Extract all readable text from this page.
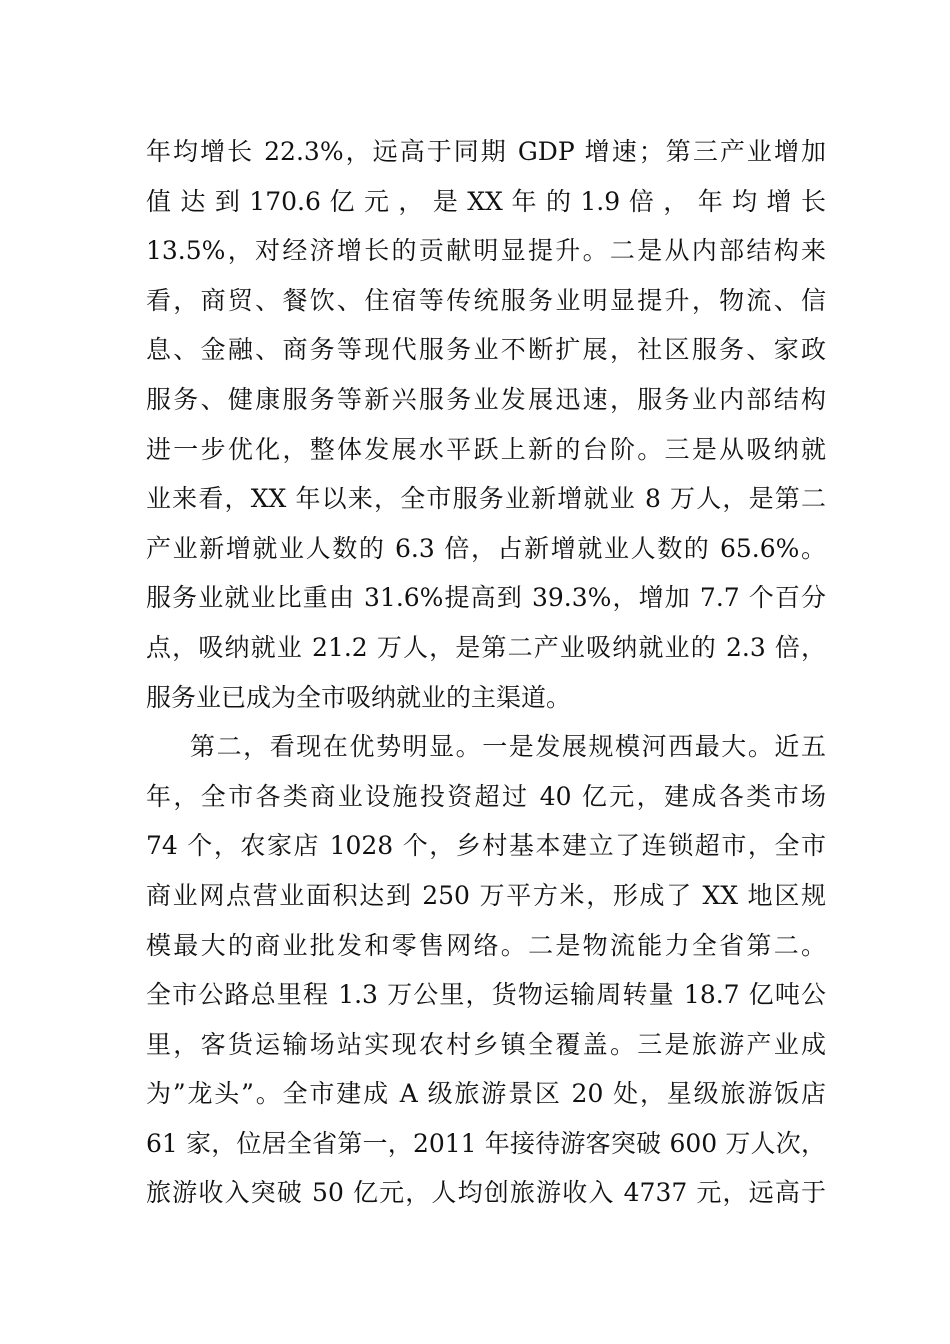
年均增长 22.3%，远高于同期 GDP 增速；第三产业增加
值 达 到 170.6 亿 元 ， 是 XX 年 的 1.9 倍 ， 年 均 增 长
13.5%，对经济增长的贡献明显提升。二是从内部结构来
看，商贸、餐饮、住宿等传统服务业明显提升，物流、信
息、金融、商务等现代服务业不断扩展，社区服务、家政
服务、健康服务等新兴服务业发展迅速，服务业内部结构
进一步优化，整体发展水平跃上新的台阶。三是从吸纳就
业来看，XX 年以来，全市服务业新增就业 8 万人，是第二
产业新增就业人数的 6.3 倍，占新增就业人数的 65.6%。
服务业就业比重由 31.6%提高到 39.3%，增加 7.7 个百分
点，吸纳就业 21.2 万人，是第二产业吸纳就业的 2.3 倍，
服务业已成为全市吸纳就业的主渠道。
第二，看现在优势明显。一是发展规模河西最大。近五
年，全市各类商业设施投资超过 40 亿元，建成各类市场
74 个，农家店 1028 个，乡村基本建立了连锁超市，全市
商业网点营业面积达到 250 万平方米，形成了 XX 地区规
模最大的商业批发和零售网络。二是物流能力全省第二。
全市公路总里程 1.3 万公里，货物运输周转量 18.7 亿吨公
里，客货运输场站实现农村乡镇全覆盖。三是旅游产业成
为”龙头”。全市建成 A 级旅游景区 20 处，星级旅游饭店
61 家，位居全省第一，2011 年接待游客突破 600 万人次，
旅游收入突破 50 亿元，人均创旅游收入 4737 元，远高于
